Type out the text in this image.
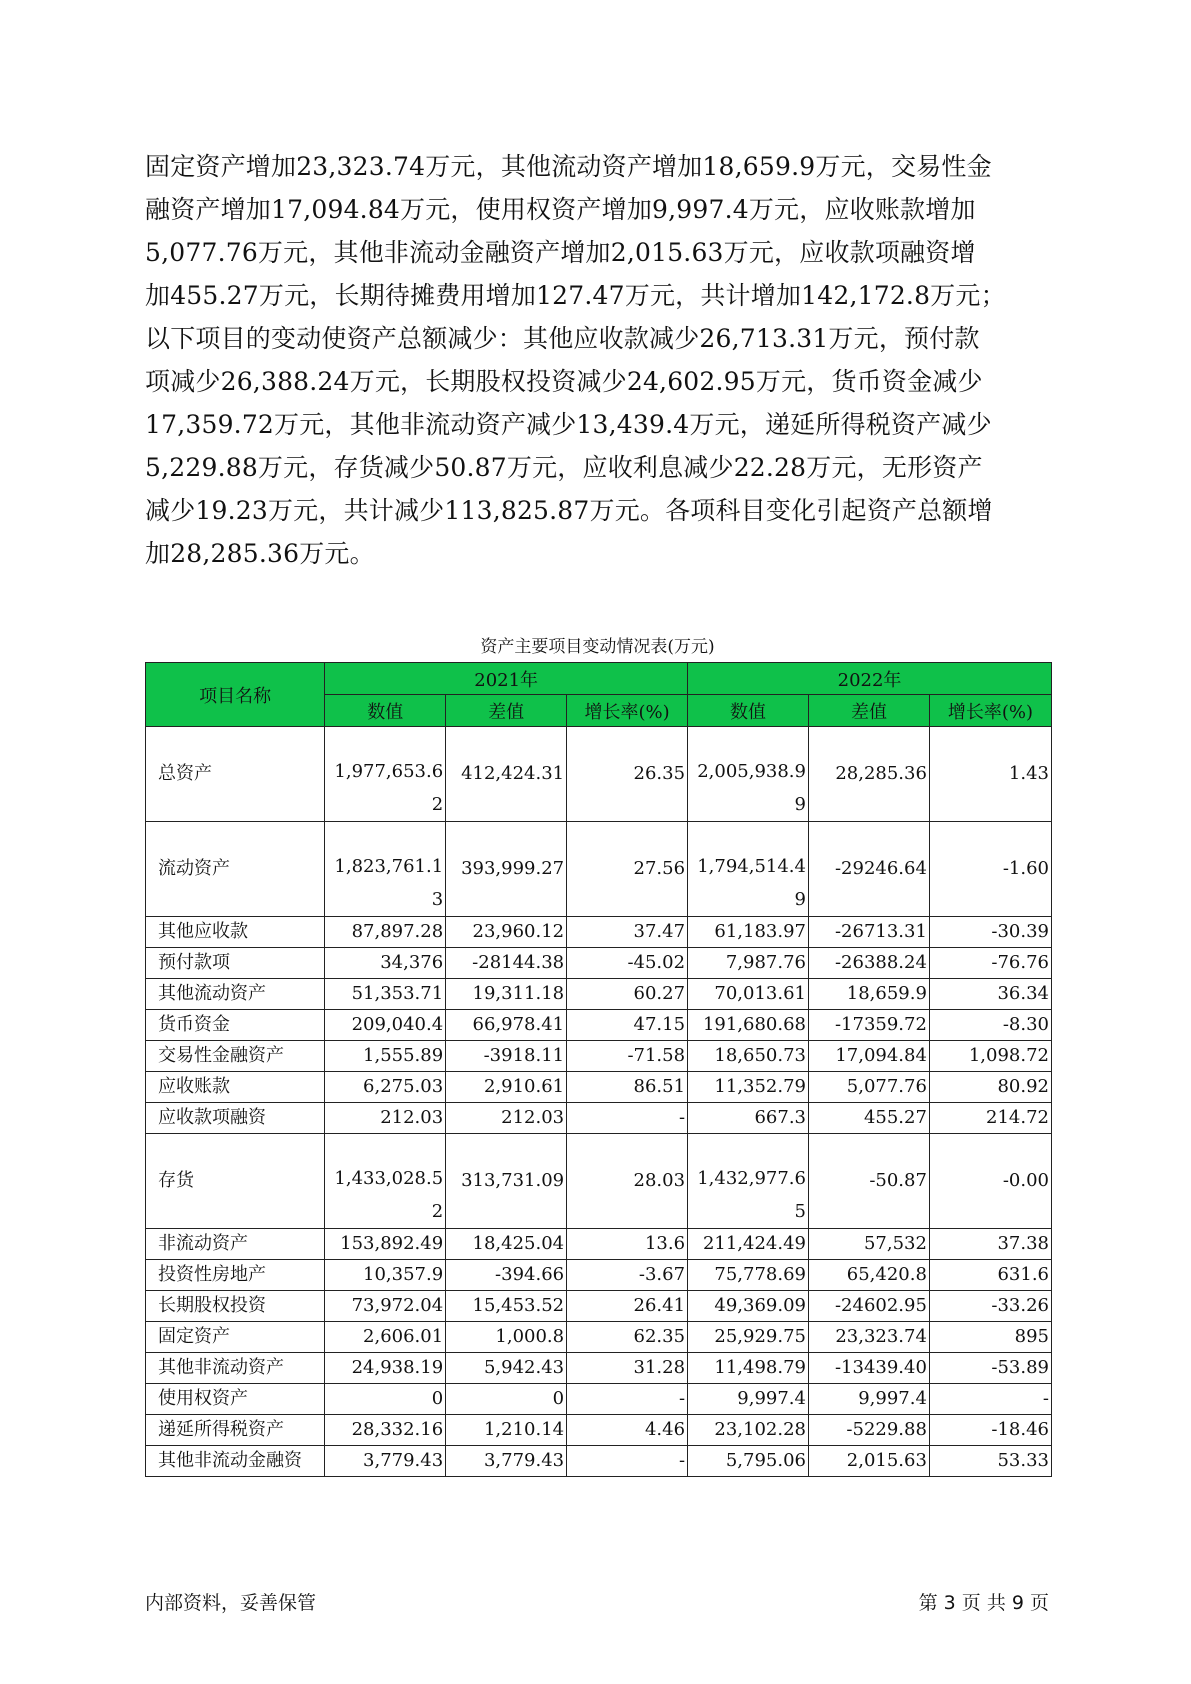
固定资产增加23,323.74万元，其他流动资产增加18,659.9万元，交易性金
融资产增加17,094.84万元，使用权资产增加9,997.4万元，应收账款增加
5,077.76万元，其他非流动金融资产增加2,015.63万元，应收款项融资增
加455.27万元，长期待摊费用增加127.47万元，共计增加142,172.8万元；
以下项目的变动使资产总额减少：其他应收款减少26,713.31万元，预付款
项减少26,388.24万元，长期股权投资减少24,602.95万元，货币资金减少
17,359.72万元，其他非流动资产减少13,439.4万元，递延所得税资产减少
5,229.88万元，存货减少50.87万元，应收利息减少22.28万元，无形资产
减少19.23万元，共计减少113,825.87万元。各项科目变化引起资产总额增
加28,285.36万元。
资产主要项目变动情况表(万元)
项目名称	2021年			2022年		
	数值	差值	增长率(%)	数值	差值	增长率(%)
总资产	1,977,653.62	412,424.31	26.35	2,005,938.99	28,285.36	1.43
流动资产	1,823,761.13	393,999.27	27.56	1,794,514.49	-29246.64	-1.60
其他应收款	87,897.28	23,960.12	37.47	61,183.97	-26713.31	-30.39
预付款项	34,376	-28144.38	-45.02	7,987.76	-26388.24	-76.76
其他流动资产	51,353.71	19,311.18	60.27	70,013.61	18,659.9	36.34
货币资金	209,040.4	66,978.41	47.15	191,680.68	-17359.72	-8.30
交易性金融资产	1,555.89	-3918.11	-71.58	18,650.73	17,094.84	1,098.72
应收账款	6,275.03	2,910.61	86.51	11,352.79	5,077.76	80.92
应收款项融资	212.03	212.03	-	667.3	455.27	214.72
存货	1,433,028.52	313,731.09	28.03	1,432,977.65	-50.87	-0.00
非流动资产	153,892.49	18,425.04	13.6	211,424.49	57,532	37.38
投资性房地产	10,357.9	-394.66	-3.67	75,778.69	65,420.8	631.6
长期股权投资	73,972.04	15,453.52	26.41	49,369.09	-24602.95	-33.26
固定资产	2,606.01	1,000.8	62.35	25,929.75	23,323.74	895
其他非流动资产	24,938.19	5,942.43	31.28	11,498.79	-13439.40	-53.89
使用权资产	0	0	-	9,997.4	9,997.4	-
递延所得税资产	28,332.16	1,210.14	4.46	23,102.28	-5229.88	-18.46
其他非流动金融资	3,779.43	3,779.43	-	5,795.06	2,015.63	53.33
内部资料，妥善保管	第 3 页 共 9 页
